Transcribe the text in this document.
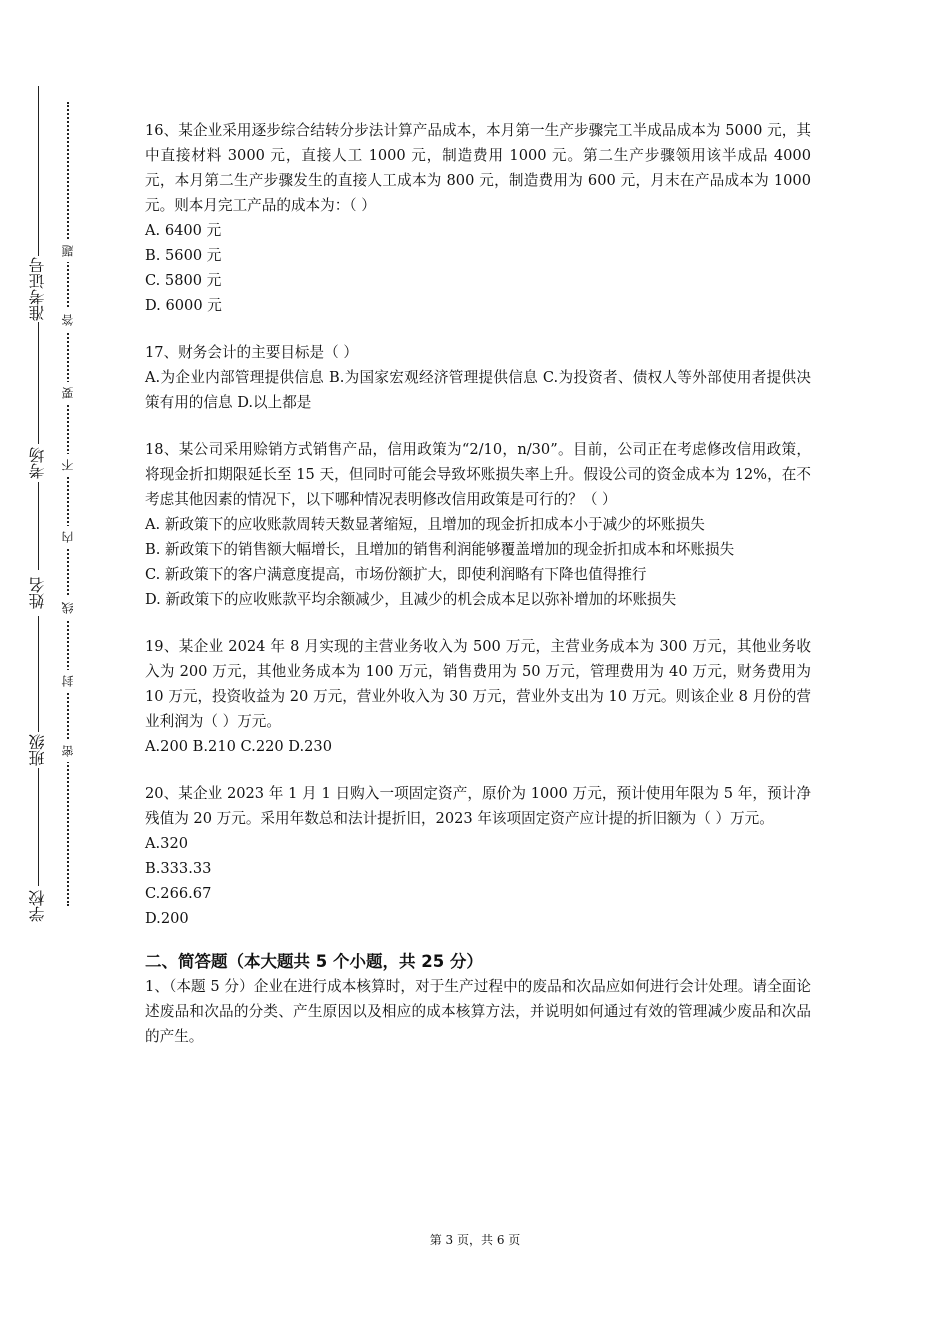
准考证号
考场
姓名
班级
学校
题
答
要
不
内
线
封
密

16、某企业采用逐步综合结转分步法计算产品成本，本月第一生产步骤完工半成品成本为 5000 元，其中直接材料 3000 元，直接人工 1000 元，制造费用 1000 元。第二生产步骤领用该半成品 4000 元，本月第二生产步骤发生的直接人工成本为 800 元，制造费用为 600 元，月末在产品成本为 1000 元。则本月完工产品的成本为：（ ）

A. 6400 元

B. 5600 元

C. 5800 元

D. 6000 元

17、财务会计的主要目标是（ ）

A.为企业内部管理提供信息 B.为国家宏观经济管理提供信息 C.为投资者、债权人等外部使用者提供决策有用的信息 D.以上都是

18、某公司采用赊销方式销售产品，信用政策为“2/10，n/30”。目前，公司正在考虑修改信用政策，将现金折扣期限延长至 15 天，但同时可能会导致坏账损失率上升。假设公司的资金成本为 12%，在不考虑其他因素的情况下，以下哪种情况表明修改信用政策是可行的？（ ）

A. 新政策下的应收账款周转天数显著缩短，且增加的现金折扣成本小于减少的坏账损失

B. 新政策下的销售额大幅增长，且增加的销售利润能够覆盖增加的现金折扣成本和坏账损失

C. 新政策下的客户满意度提高，市场份额扩大，即使利润略有下降也值得推行

D. 新政策下的应收账款平均余额减少，且减少的机会成本足以弥补增加的坏账损失

19、某企业 2024 年 8 月实现的主营业务收入为 500 万元，主营业务成本为 300 万元，其他业务收入为 200 万元，其他业务成本为 100 万元，销售费用为 50 万元，管理费用为 40 万元，财务费用为 10 万元，投资收益为 20 万元，营业外收入为 30 万元，营业外支出为 10 万元。则该企业 8 月份的营业利润为（ ）万元。

A.200 B.210 C.220 D.230

20、某企业 2023 年 1 月 1 日购入一项固定资产，原价为 1000 万元，预计使用年限为 5 年，预计净残值为 20 万元。采用年数总和法计提折旧，2023 年该项固定资产应计提的折旧额为（ ）万元。

A.320

B.333.33

C.266.67

D.200

二、简答题（本大题共 5 个小题，共 25 分）

1、（本题 5 分）企业在进行成本核算时，对于生产过程中的废品和次品应如何进行会计处理。请全面论述废品和次品的分类、产生原因以及相应的成本核算方法，并说明如何通过有效的管理减少废品和次品的产生。

第 3 页，共 6 页
